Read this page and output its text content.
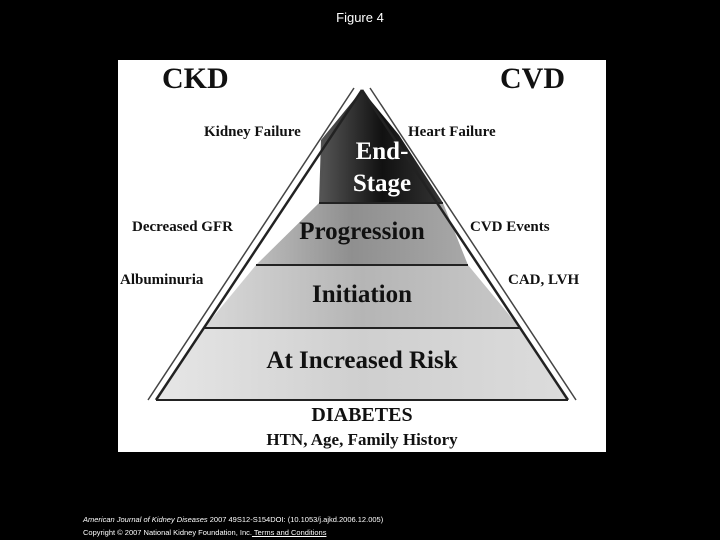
Figure 4
CKD	CVD
Kidney Failure
Decreased GFR
Albuminuria
Heart Failure
CVD Events
CAD, LVH
End-
Stage
Progression
Initiation
At Increased Risk
DIABETES
HTN, Age, Family History
American Journal of Kidney Diseases 2007 49S12-S154DOI: (10.1053/j.ajkd.2006.12.005)
Copyright © 2007 National Kidney Foundation, Inc. Terms and Conditions
